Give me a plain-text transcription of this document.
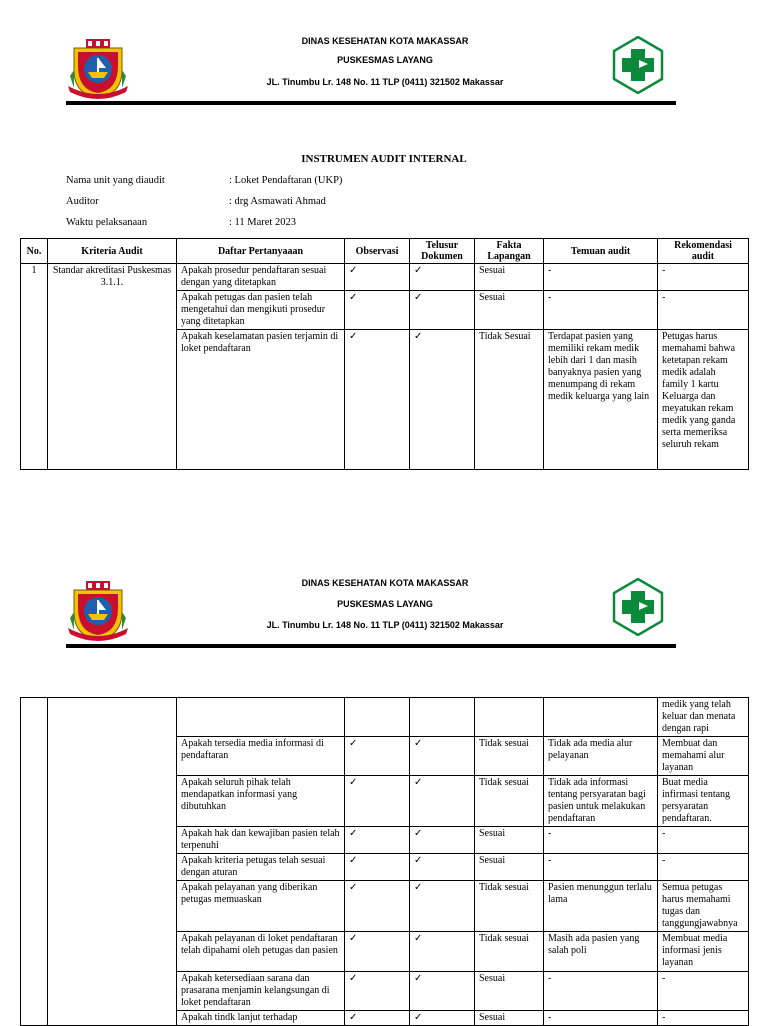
DINAS KESEHATAN KOTA MAKASSAR
PUSKESMAS LAYANG
JL. Tinumbu Lr. 148 No. 11 TLP (0411) 321502 Makassar
INSTRUMEN AUDIT INTERNAL
Nama unit yang diaudit	: Loket Pendaftaran (UKP)
Auditor	: drg Asmawati Ahmad
Waktu pelaksanaan	: 11 Maret 2023
No.	Kriteria Audit	Daftar Pertanyaaan	Observasi	Telusur Dokumen	Fakta Lapangan	Temuan audit	Rekomendasi audit
1	Standar akreditasi Puskesmas 3.1.1.	Apakah prosedur pendaftaran sesuai dengan yang ditetapkan	✓	✓	Sesuai	-	-
		Apakah petugas dan pasien telah mengetahui dan mengikuti prosedur yang ditetapkan	✓	✓	Sesuai	-	-
		Apakah keselamatan pasien terjamin di loket pendaftaran	✓	✓	Tidak Sesuai	Terdapat pasien yang memiliki rekam medik lebih dari 1 dan masih banyaknya pasien yang menumpang di rekam medik keluarga yang lain	Petugas harus memahami bahwa ketetapan rekam medik adalah family 1 kartu Keluarga dan meyatukan rekam medik yang ganda serta memeriksa seluruh rekam
DINAS KESEHATAN KOTA MAKASSAR
PUSKESMAS LAYANG
JL. Tinumbu Lr. 148 No. 11 TLP (0411) 321502 Makassar
							medik yang telah keluar dan menata dengan rapi
		Apakah tersedia media informasi di pendaftaran	✓	✓	Tidak sesuai	Tidak ada media alur pelayanan	Membuat dan memahami alur layanan
		Apakah seluruh pihak telah mendapatkan informasi yang dibutuhkan	✓	✓	Tidak sesuai	Tidak ada informasi tentang persyaratan bagi pasien untuk melakukan pendaftaran	Buat media infirmasi tentang persyaratan pendaftaran.
		Apakah hak dan kewajiban pasien telah terpenuhi	✓	✓	Sesuai	-	-
		Apakah kriteria petugas telah sesuai dengan aturan	✓	✓	Sesuai	-	-
		Apakah pelayanan yang diberikan petugas memuaskan	✓	✓	Tidak sesuai	Pasien menunggun terlalu lama	Semua petugas harus memahami tugas dan tanggungjawabnya
		Apakah pelayanan di loket pendaftaran telah dipahami oleh petugas dan pasien	✓	✓	Tidak sesuai	Masih ada pasien yang salah poli	Membuat media informasi jenis layanan
		Apakah ketersediaan sarana dan prasarana menjamin kelangsungan di loket pendaftaran	✓	✓	Sesuai	-	-
		Apakah tindk lanjut terhadap	✓	✓	Sesuai	-	-
